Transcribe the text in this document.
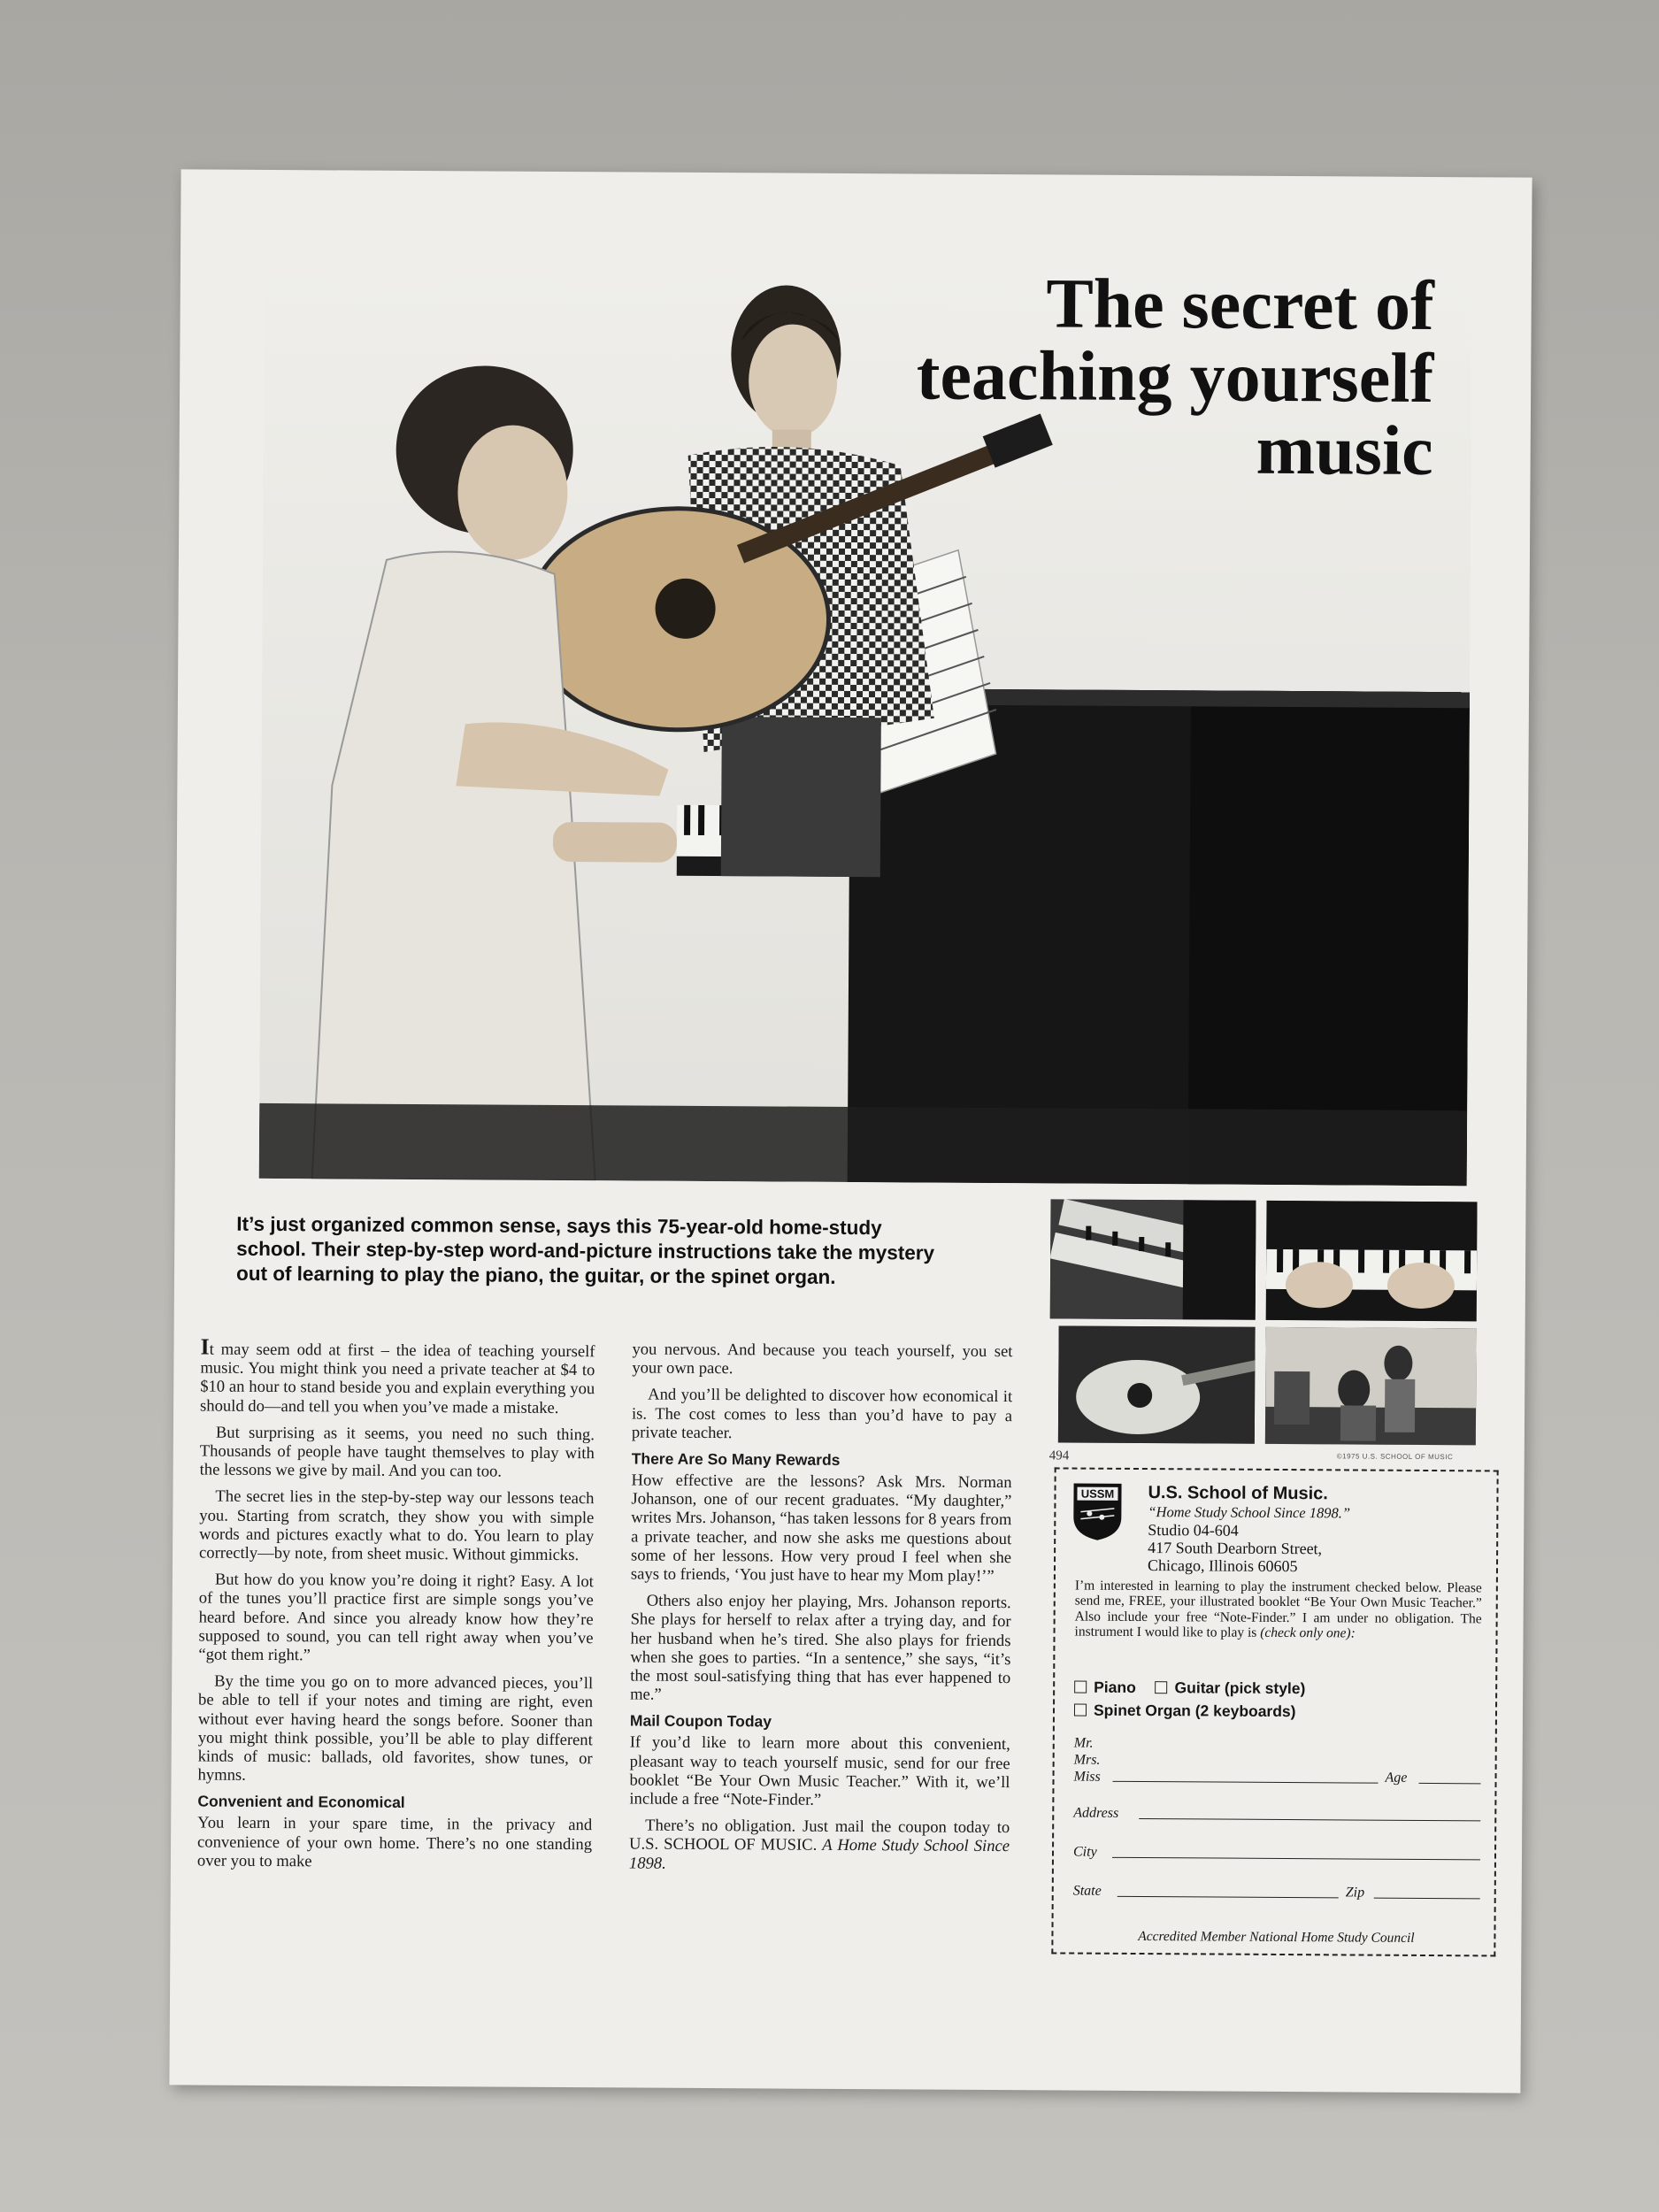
The secret of
teaching yourself
music
It’s just organized common sense, says this 75-year-old home-study school. Their step-by-step word-and-picture instructions take the mystery out of learning to play the piano, the guitar, or the spinet organ.

It may seem odd at first – the idea of teaching yourself music. You might think you need a private teacher at $4 to $10 an hour to stand beside you and explain everything you should do—and tell you when you’ve made a mistake.

But surprising as it seems, you need no such thing. Thousands of people have taught themselves to play with the lessons we give by mail. And you can too.

The secret lies in the step-by-step way our lessons teach you. Starting from scratch, they show you with simple words and pictures exactly what to do. You learn to play correctly—by note, from sheet music. Without gimmicks.

But how do you know you’re doing it right? Easy. A lot of the tunes you’ll practice first are simple songs you’ve heard before. And since you already know how they’re supposed to sound, you can tell right away when you’ve “got them right.”

By the time you go on to more advanced pieces, you’ll be able to tell if your notes and timing are right, even without ever having heard the songs before. Sooner than you might think possible, you’ll be able to play different kinds of music: ballads, old favorites, show tunes, or hymns.

Convenient and Economical

You learn in your spare time, in the privacy and convenience of your own home. There’s no one standing over you to make

you nervous. And because you teach yourself, you set your own pace.

And you’ll be delighted to discover how economical it is. The cost comes to less than you’d have to pay a private teacher.

There Are So Many Rewards

How effective are the lessons? Ask Mrs. Norman Johanson, one of our recent graduates. “My daughter,” writes Mrs. Johanson, “has taken lessons for 8 years from a private teacher, and now she asks me questions about some of her lessons. How very proud I feel when she says to friends, ‘You just have to hear my Mom play!’”

Others also enjoy her playing, Mrs. Johanson reports. She plays for herself to relax after a trying day, and for her husband when he’s tired. She also plays for friends when she goes to parties. “In a sentence,” she says, “it’s the most soul-satisfying thing that has ever happened to me.”

Mail Coupon Today

If you’d like to learn more about this convenient, pleasant way to teach yourself music, send for our free booklet “Be Your Own Music Teacher.” With it, we’ll include a free “Note-Finder.”

There’s no obligation. Just mail the coupon today to U.S. SCHOOL OF MUSIC. A Home Study School Since 1898.

494	©1975 U.S. SCHOOL OF MUSIC
USSM U.S. School of Music.
“Home Study School Since 1898.”
Studio 04-604
417 South Dearborn Street,
Chicago, Illinois 60605
I’m interested in learning to play the instrument checked below. Please send me, FREE, your illustrated booklet “Be Your Own Music Teacher.” Also include your free “Note-Finder.” I am under no obligation. The instrument I would like to play is (check only one):
Piano Guitar (pick style)
Spinet Organ (2 keyboards)
Mr.
Mrs.
Miss	Age
Address
City
State	Zip
Accredited Member National Home Study Council
